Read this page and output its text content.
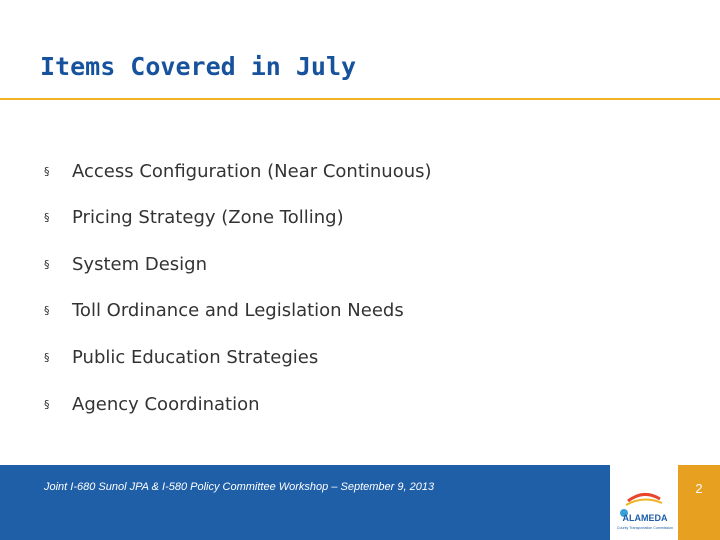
Items Covered in July
§	Access Configuration (Near Continuous)
§	Pricing Strategy (Zone Tolling)
§	System Design
§	Toll Ordinance and Legislation Needs
§	Public Education Strategies
§	Agency Coordination
Joint I-680 Sunol JPA & I-580 Policy Committee Workshop – September 9, 2013
ALAMEDA
County Transportation Commission
2
